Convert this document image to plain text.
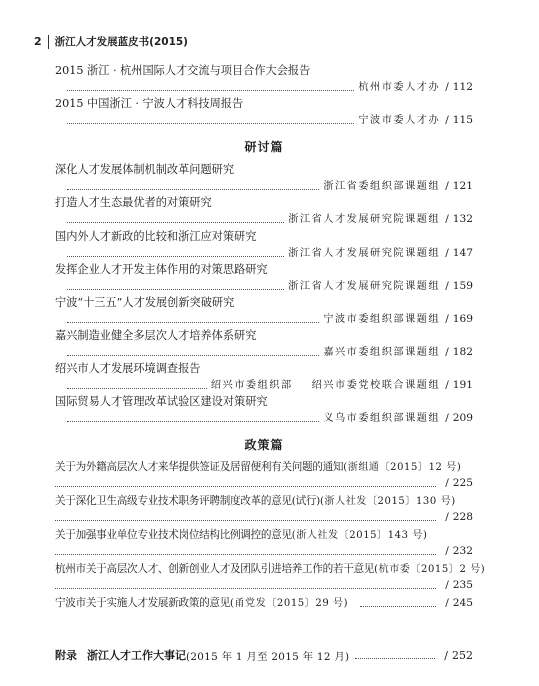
2 浙江人才发展蓝皮书(2015)
2015 浙江 · 杭州国际人才交流与项目合作大会报告
杭州市委人才办 / 112
2015 中国浙江 · 宁波人才科技周报告
宁波市委人才办 / 115
研讨篇
深化人才发展体制机制改革问题研究
浙江省委组织部课题组 / 121
打造人才生态最优者的对策研究
浙江省人才发展研究院课题组 / 132
国内外人才新政的比较和浙江应对策研究
浙江省人才发展研究院课题组 / 147
发挥企业人才开发主体作用的对策思路研究
浙江省人才发展研究院课题组 / 159
宁波“十三五”人才发展创新突破研究
宁波市委组织部课题组 / 169
嘉兴制造业健全多层次人才培养体系研究
嘉兴市委组织部课题组 / 182
绍兴市人才发展环境调查报告
绍兴市委组织部    绍兴市委党校联合课题组 / 191
国际贸易人才管理改革试验区建设对策研究
义乌市委组织部课题组 / 209
政策篇
关于为外籍高层次人才来华提供签证及居留便利有关问题的通知(浙组通〔2015〕12 号)
/ 225
关于深化卫生高级专业技术职务评聘制度改革的意见(试行)(浙人社发〔2015〕130 号)
/ 228
关于加强事业单位专业技术岗位结构比例调控的意见(浙人社发〔2015〕143 号)
/ 232
杭州市关于高层次人才、创新创业人才及团队引进培养工作的若干意见(杭市委〔2015〕2 号)
/ 235
宁波市关于实施人才发展新政策的意见(甬党发〔2015〕29 号)	/ 245
附录 浙江人才工作大事记 (2015 年 1 月至 2015 年 12 月)	/ 252
